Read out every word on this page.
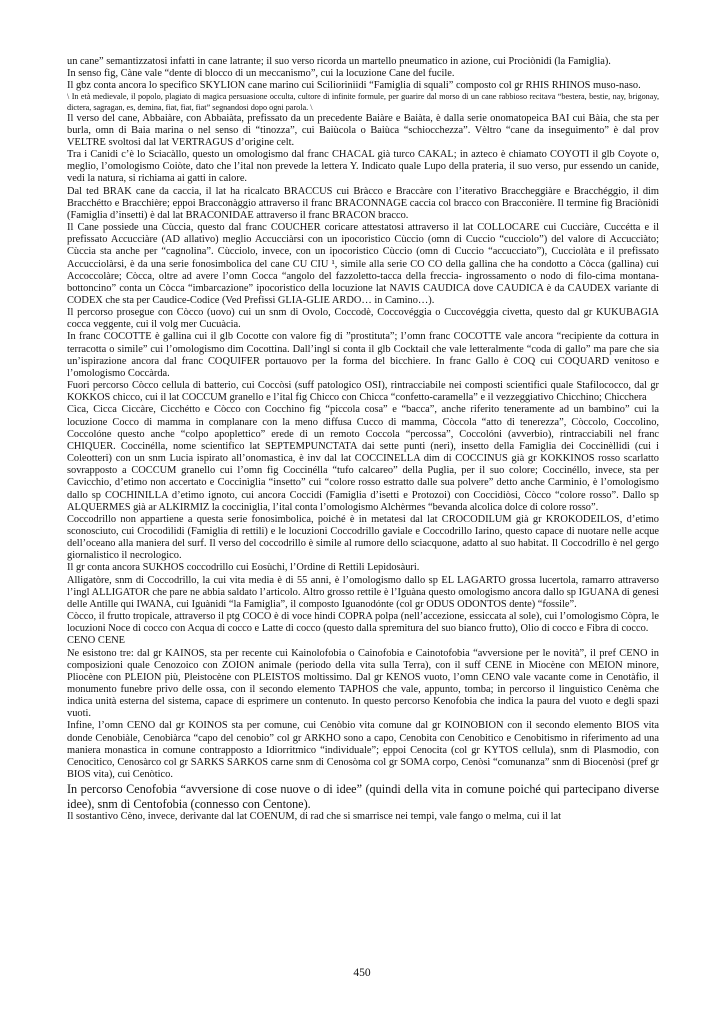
un cane” semantizzatosi infatti in cane latrante; il suo verso ricorda un martello pneumatico in azione, cui Prociònidi (la Famiglia).

In senso fig, Càne vale “dente di blocco di un meccanismo”, cui la locuzione Cane del fucile.

Il gbz conta ancora lo specifico SKYLION cane marino cui Scilioriniidi “Famiglia di squali” composto col gr RHIS RHINOS muso-naso.

\ In età medievale, il popolo, plagiato di magica persuasione occulta, cultore di infinite formule, per guarire dal morso di un cane rabbioso recitava “bestera, bestie, nay, brigonay, dictera, sagragan, es, demina, fiat, fiat, fiat” segnandosi dopo ogni parola. \

Il verso del cane, Abbaiàre, con Abbaiàta, prefissato da un precedente Baiàre e Baiàta, è dalla serie onomatopeica BAI cui Bàia, che sta per burla, omn di Baia marina o nel senso di “tinozza”, cui Baiùcola o Baiùca “schiocchezza”. Vèltro “cane da inseguimento” è dal prov VELTRE svoltosi dal lat VERTRAGUS d’origine celt.

Tra i Canidi c’è lo Sciacàllo, questo un omologismo dal franc CHACAL già turco CAKAL; in azteco è chiamato COYOTI il glb Coyote o, meglio, l’omologismo Coiòte, dato che l’ital non prevede la lettera Y. Indicato quale Lupo della prateria, il suo verso, pur essendo un canide, vedi la natura, si richiama ai gatti in calore.

Dal ted BRAK cane da caccia, il lat ha ricalcato BRACCUS cui Bràcco e Braccàre con l’iterativo Braccheggiàre e Bracchéggio, il dim Bracchétto e Bracchière; eppoi Bracconàggio attraverso il franc BRACONNAGE caccia col bracco con Bracconière. Il termine fig Braciònidi (Famiglia d’insetti) è dal lat BRACONIDAE attraverso il franc BRACON bracco.

Il Cane possiede una Cùccia, questo dal franc COUCHER coricare attestatosi attraverso il lat COLLOCARE cui Cucciàre, Cuccétta e il prefissato Accucciàre (AD allativo) meglio Accucciàrsi con un ipocoristico Cùccio (omn di Cuccio “cucciolo”) del valore di Accucciàto; Cùccia sta anche per “cagnolina”. Cùcciolo, invece, con un ipocoristico Cùccio (omn di Cuccio “accucciato”), Cucciolàta e il prefissato Accucciolàrsi, è da una serie fonosimbolica del cane CU CIU ¹, simile alla serie CO CO della gallina che ha condotto a Còcca (gallina) cui Accoccolàre; Còcca, oltre ad avere l’omn Cocca “angolo del fazzoletto-tacca della freccia- ingrossamento o nodo di filo-cima montana-bottoncino” conta un Còcca “imbarcazione” ipocoristico della locuzione lat NAVIS CAUDICA dove CAUDICA è da CAUDEX variante di CODEX che sta per Caudice-Codice (Ved Prefissi GLIA-GLIE ARDO… in Camino…).

Il percorso prosegue con Còcco (uovo) cui un snm di Ovolo, Coccodè, Coccovéggia o Cuccovéggia civetta, questo dal gr KUKUBAGIA cocca veggente, cui il volg mer Cucuàcia.

In franc COCOTTE è gallina cui il glb Cocotte con valore fig di ”prostituta”; l’omn franc COCOTTE vale ancora “recipiente da cottura in terracotta o simile” cui l’omologismo dim Cocottina. Dall’ingl si conta il glb Cocktail che vale letteralmente “coda di gallo” ma pare che sia un’ispirazione ancora dal franc COQUIFER portauovo per la forma del bicchiere. In franc Gallo è COQ cui COQUARD venitoso e l’omologismo Coccàrda.

Fuori percorso Còcco cellula di batterio, cui Coccòsi (suff patologico OSI), rintracciabile nei composti scientifici quale Stafilococco, dal gr KOKKOS chicco, cui il lat COCCUM granello e l’ital fig Chicco con Chicca “confetto-caramella” e il vezzeggiativo Chicchino; Chicchera

Cìca, Cicca Ciccàre, Cicchétto e Còcco con Cocchino fig “piccola cosa” e “bacca”, anche riferito teneramente ad un bambino” cui la locuzione Cocco di mamma in complanare con la meno diffusa Cucco di mamma, Còccola “atto di tenerezza”, Còccolo, Coccolino, Coccolóne questo anche “colpo apoplettico” erede di un remoto Coccola “percossa”, Coccolóni (avverbio), rintracciabili nel franc CHIQUER. Coccinélla, nome scientifico lat SEPTEMPUNCTATA dai sette punti (neri), insetto della Famiglia dei Coccinèllidi (cui i Coleotteri) con un snm Lucia ispirato all’onomastica, è inv dal lat COCCINELLA dim di COCCINUS già gr KOKKINOS rosso scarlatto sovrapposto a COCCUM granello cui l’omn fig Coccinélla “tufo calcareo” della Puglia, per il suo colore; Coccinéllo, invece, sta per Cavicchio, d’etimo non accertato e Coccinìglia “insetto” cui “colore rosso estratto dalle sua polvere” detto anche Carminio, è l’omologismo dallo sp COCHINILLA d’etimo ignoto, cui ancora Coccidi (Famiglia d’isetti e Protozoi) con Coccidiòsi, Còcco “colore rosso”. Dallo sp ALQUERMES già ar ALKIRMIZ la coccinìglia, l’ital conta l’omologismo Alchèrmes “bevanda alcolica dolce di colore rosso”.

Coccodrillo non appartiene a questa serie fonosimbolica, poiché è in metatesi dal lat CROCODILUM già gr KROKODEILOS, d’etimo sconosciuto, cui Crocodìlidi (Famiglia di rettili) e le locuzioni Coccodrillo gaviale e Coccodrillo Iarino, questo capace di nuotare nelle acque dell’oceano alla maniera del surf. Il verso del coccodrillo è simile al rumore dello sciacquone, adatto al suo habitat. Il Coccodrillo è nel gergo giornalistico il necrologico.

Il gr conta ancora SUKHOS coccodrillo cui Eosùchi, l’Ordine di Rettili Lepidosàuri.

Alligatòre, snm di Coccodrillo, la cui vita media è di 55 anni, è l’omologismo dallo sp EL LAGARTO grossa lucertola, ramarro attraverso l’ingl ALLIGATOR che pare ne abbia saldato l’articolo. Altro grosso rettile è l’Iguàna questo omologismo ancora dallo sp IGUANA di genesi delle Antille qui IWANA, cui Iguànidi “la Famiglia”, il composto Iguanodónte (col gr ODUS ODONTOS dente) “fossile”.

Còcco, il frutto tropicale, attraverso il ptg COCO è di voce hindi COPRA polpa (nell’accezione, essiccata al sole), cui l’omologismo Còpra, le locuzioni Noce di cocco con Acqua di cocco e Latte di cocco (questo dalla spremitura del suo bianco frutto), Olio di cocco e Fibra di cocco.

CENO CENE

Ne esistono tre: dal gr KAINOS, sta per recente cui Kainolofobia o Cainofobia e Cainotofobia “avversione per le novità”, il pref CENO in composizioni quale Cenozoico con ZOION animale (periodo della vita sulla Terra), con il suff CENE in Miocène con MEION minore, Pliocène con PLEION più, Pleistocène con PLEISTOS moltissimo. Dal gr KENOS vuoto, l’omn CENO vale vacante come in Cenotàfio, il monumento funebre privo delle ossa, con il secondo elemento TAPHOS che vale, appunto, tomba; in percorso il linguistico Cenèma che indica unità esterna del sistema, capace di esprimere un contenuto. In questo percorso Kenofobia che indica la paura del vuoto e degli spazi vuoti.

Infine, l’omn CENO dal gr KOINOS sta per comune, cui Cenòbio vita comune dal gr KOINOBION con il secondo elemento BIOS vita donde Cenobiàle, Cenobiàrca “capo del cenobio” col gr ARKHO sono a capo, Cenobita con Cenobitico e Cenobitismo in riferimento ad una maniera monastica in comune contrapposto a Idiorritmico “individuale”; eppoi Cenocita (col gr KYTOS cellula), snm di Plasmodio, con Cenocìtico, Cenosàrco col gr SARKS SARKOS carne snm di Cenosòma col gr SOMA corpo, Cenòsi “comunanza” snm di Biocenòsi (pref gr BIOS vita), cui Cenòtico.

In percorso Cenofobia “avversione di cose nuove o di idee” (quindi della vita in comune poiché qui partecipano diverse idee), snm di Centofobia (connesso con Centone).

Il sostantivo Cèno, invece, derivante dal lat COENUM, di rad che si smarrisce nei tempi, vale fango o melma, cui il lat

450
